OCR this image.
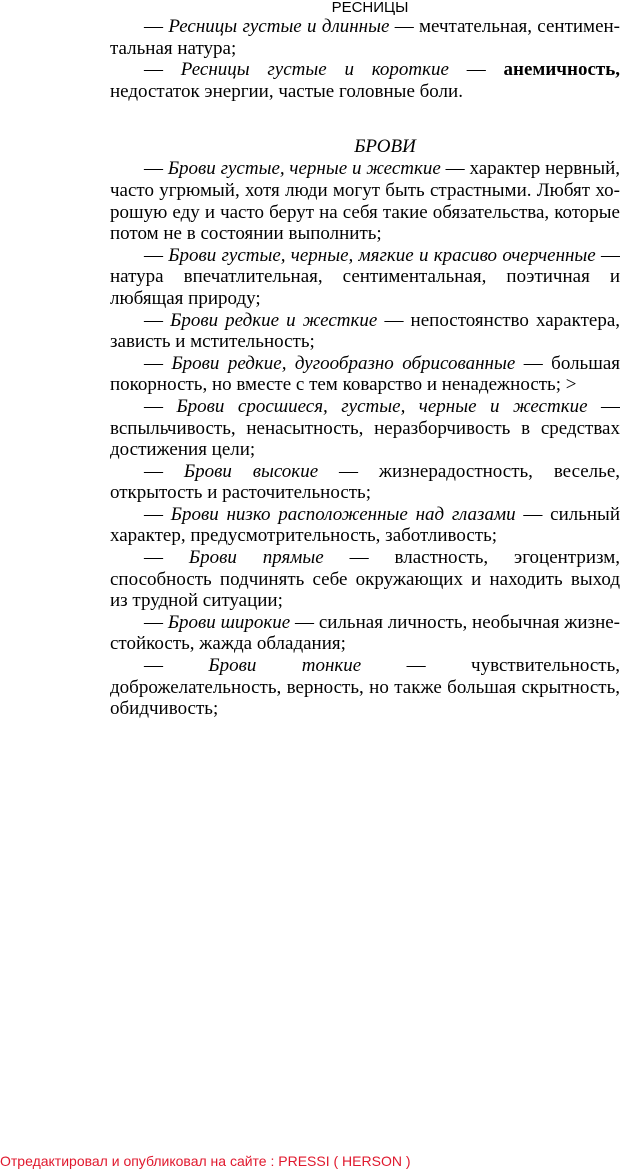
РЕСНИЦЫ

— Ресницы густые и длинные — мечтательная, сентиментальная натура;

— Ресницы густые и короткие — анемичность, недостаток энергии, частые головные боли.

БРОВИ

— Брови густые, черные и жесткие — характер нервный, часто угрюмый, хотя люди могут быть страстными. Любят хорошую еду и часто берут на себя такие обязательства, которые потом не в состоянии выполнить;

— Брови густые, черные, мягкие и красиво очерченные — натура впечатлительная, сентиментальная, поэтичная и любящая природу;

— Брови редкие и жесткие — непостоянство характера, зависть и мстительность;

— Брови редкие, дугообразно обрисованные — большая покорность, но вместе с тем коварство и ненадежность; >

— Брови сросшиеся, густые, черные и жесткие — вспыльчивость, ненасытность, неразборчивость в средствах достижения цели;

— Брови высокие — жизнерадостность, веселье, открытость и расточительность;

— Брови низко расположенные над глазами — сильный характер, предусмотрительность, заботливость;

— Брови прямые — властность, эгоцентризм, способность подчинять себе окружающих и находить выход из трудной ситуации;

— Брови широкие — сильная личность, необычная жизнестойкость, жажда обладания;

— Брови тонкие — чувствительность, доброжелательность, верность, но также большая скрытность, обидчивость;

Отредактировал и опубликовал на сайте : PRESSI ( HERSON )
